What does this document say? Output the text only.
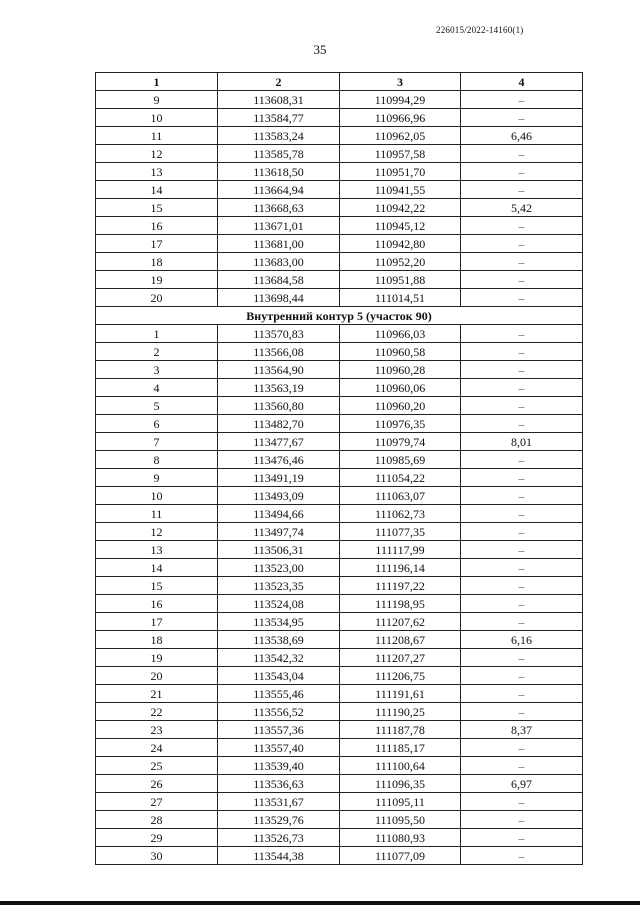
226015/2022-14160(1)
35
1	2	3	4
9	113608,31	110994,29	–
10	113584,77	110966,96	–
11	113583,24	110962,05	6,46
12	113585,78	110957,58	–
13	113618,50	110951,70	–
14	113664,94	110941,55	–
15	113668,63	110942,22	5,42
16	113671,01	110945,12	–
17	113681,00	110942,80	–
18	113683,00	110952,20	–
19	113684,58	110951,88	–
20	113698,44	111014,51	–
Внутренний контур 5 (участок 90)			
1	113570,83	110966,03	–
2	113566,08	110960,58	–
3	113564,90	110960,28	–
4	113563,19	110960,06	–
5	113560,80	110960,20	–
6	113482,70	110976,35	–
7	113477,67	110979,74	8,01
8	113476,46	110985,69	–
9	113491,19	111054,22	–
10	113493,09	111063,07	–
11	113494,66	111062,73	–
12	113497,74	111077,35	–
13	113506,31	111117,99	–
14	113523,00	111196,14	–
15	113523,35	111197,22	–
16	113524,08	111198,95	–
17	113534,95	111207,62	–
18	113538,69	111208,67	6,16
19	113542,32	111207,27	–
20	113543,04	111206,75	–
21	113555,46	111191,61	–
22	113556,52	111190,25	–
23	113557,36	111187,78	8,37
24	113557,40	111185,17	–
25	113539,40	111100,64	–
26	113536,63	111096,35	6,97
27	113531,67	111095,11	–
28	113529,76	111095,50	–
29	113526,73	111080,93	–
30	113544,38	111077,09	–
